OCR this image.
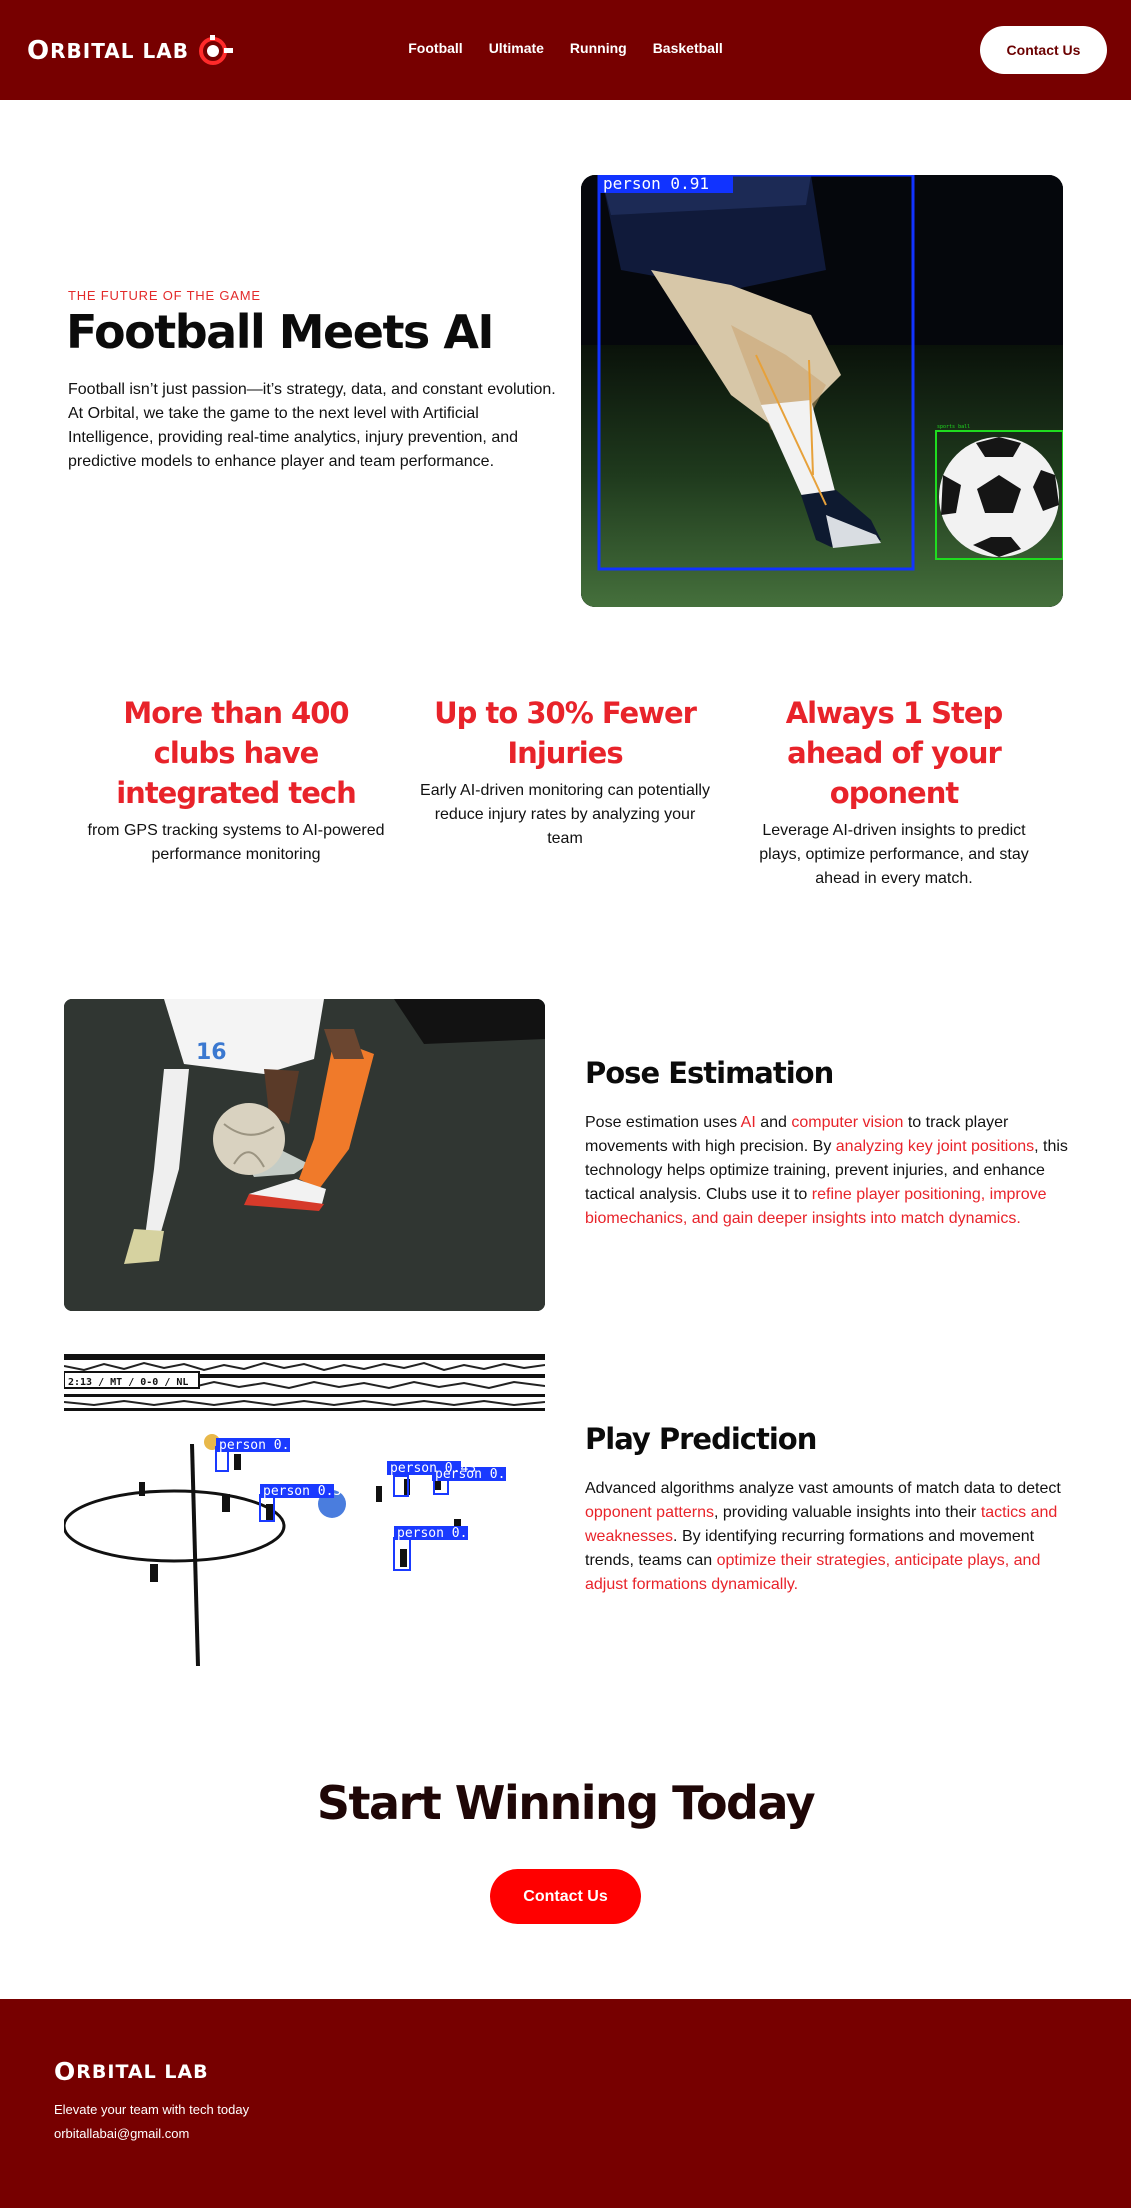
O RBITAL LAB	Football Ultimate Running Basketball	Contact Us
THE FUTURE OF THE GAME
Football Meets AI

Football isn’t just passion—it’s strategy, data, and constant evolution. At Orbital, we take the game to the next level with Artificial Intelligence, providing real-time analytics, injury prevention, and predictive models to enhance player and team performance.

person 0.91
sports ball
More than 400 clubs have integrated tech

from GPS tracking systems to AI-powered performance monitoring

Up to 30% Fewer Injuries

Early AI-driven monitoring can potentially reduce injury rates by analyzing your team

Always 1 Step ahead of your oponent

Leverage AI-driven insights to predict plays, optimize performance, and stay ahead in every match.

16
Pose Estimation

Pose estimation uses AI and computer vision to track player movements with high precision. By analyzing key joint positions, this technology helps optimize training, prevent injuries, and enhance tactical analysis. Clubs use it to refine player positioning, improve biomechanics, and gain deeper insights into match dynamics.

2:13 / MT / 0-0 / NL
person 0.21
person 0.36
person 0.43
person 0.47
person 0.41
Play Prediction

Advanced algorithms analyze vast amounts of match data to detect opponent patterns, providing valuable insights into their tactics and weaknesses. By identifying recurring formations and movement trends, teams can optimize their strategies, anticipate plays, and adjust formations dynamically.

Start Winning Today
Contact Us
O RBITAL LAB
Elevate your team with tech today
orbitallabai@gmail.com
